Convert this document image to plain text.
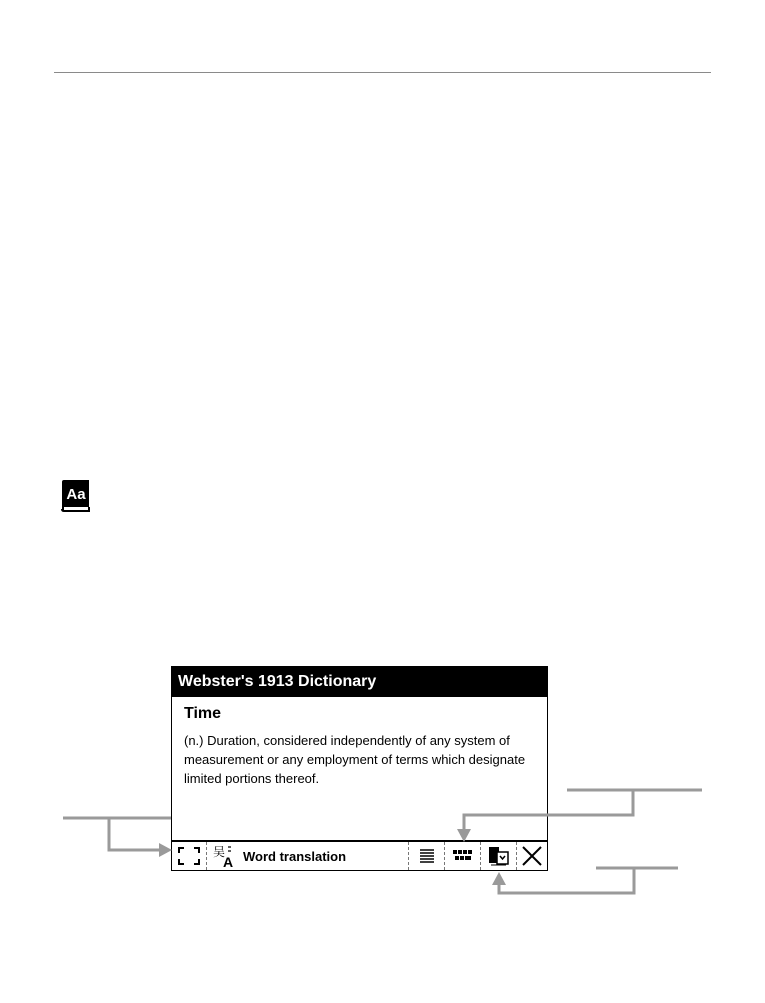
Aa
Webster's 1913 Dictionary
Time
(n.) Duration, considered independently of any system of measurement or any employment of terms which designate limited portions thereof.
吴
A Word translation
